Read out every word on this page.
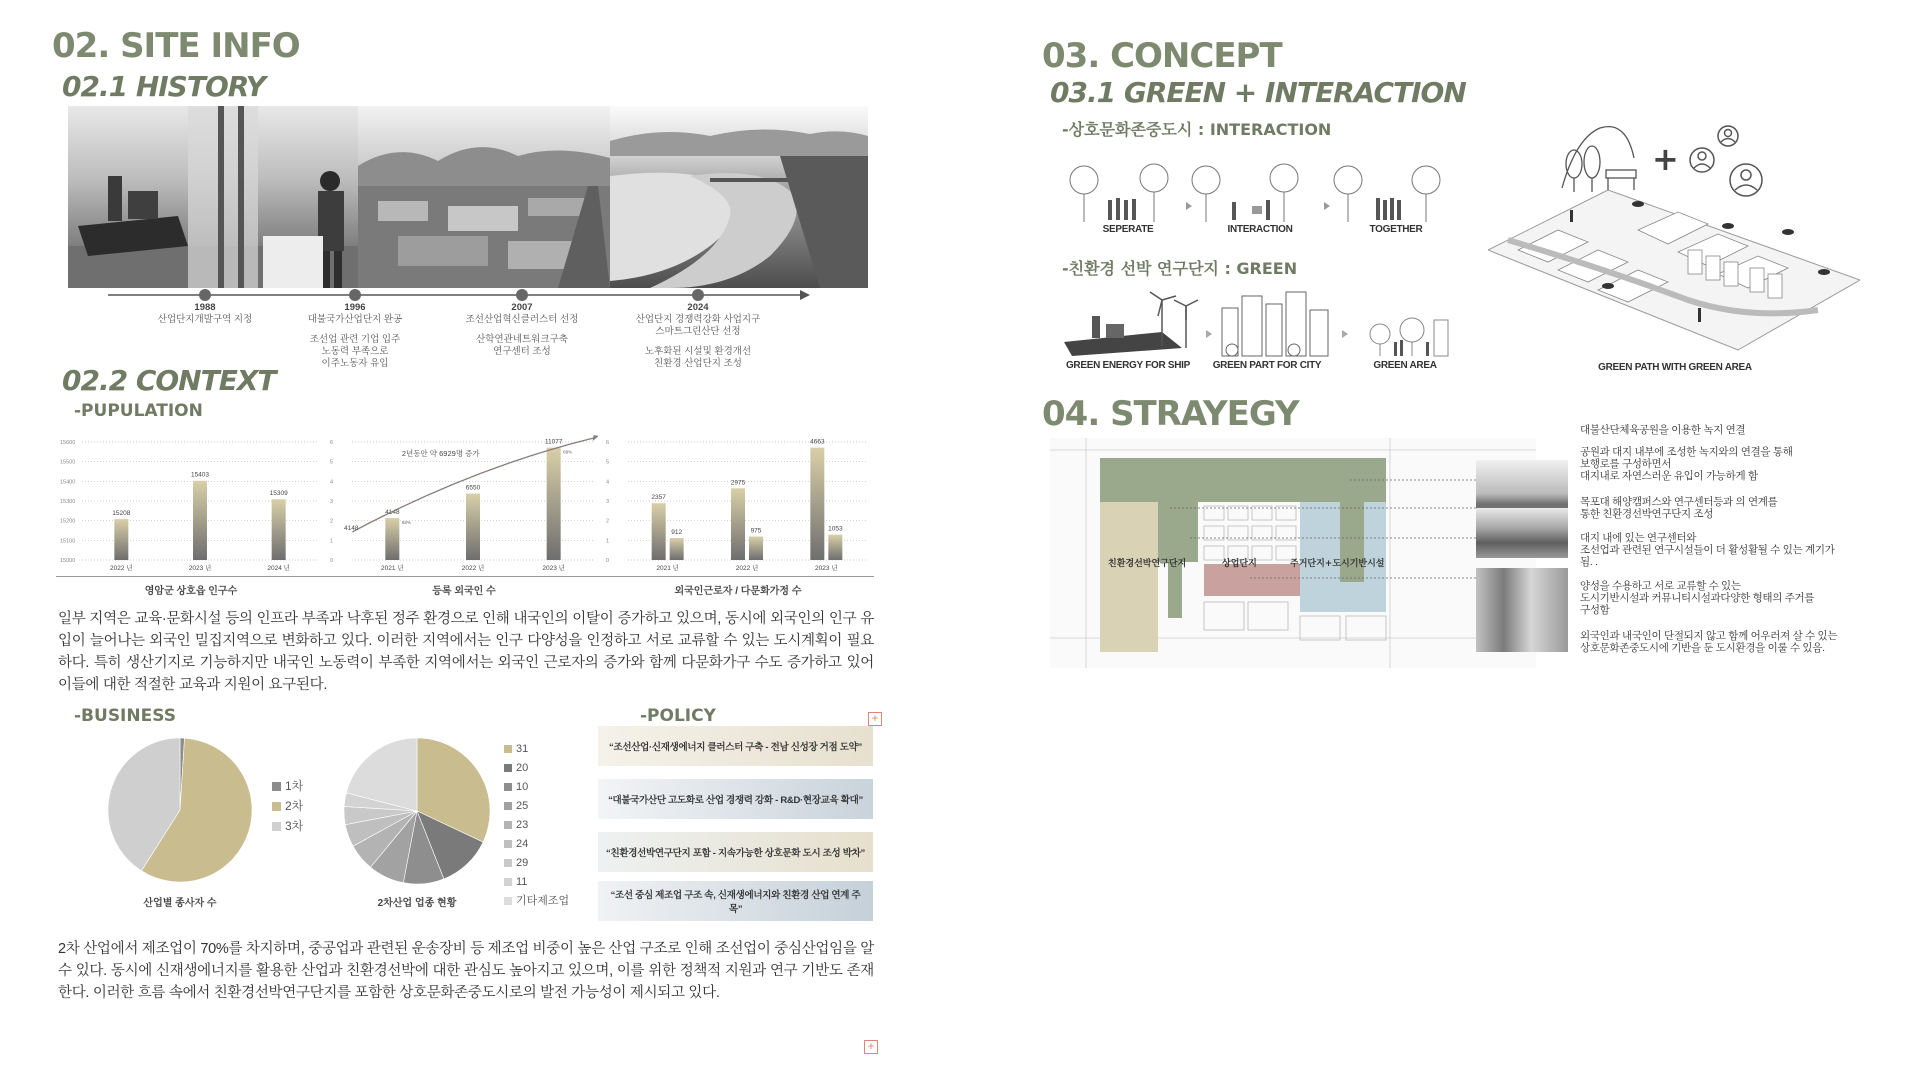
02. SITE INFO
02.1 HISTORY
1988
산업단지개발구역 지정
1996
대불국가산업단지 완공
조선업 관련 기업 입주
노동력 부족으로
이주노동자 유입
2007
조선산업혁신클러스터 선정
산학연관네트워크구축
연구센터 조성
2024
산업단지 경쟁력강화 사업지구
스마트그린산단 선정
노후화된 시설및 환경개선
친환경 산업단지 조성
02.2 CONTEXT
-PUPULATION
15600
15500
15400
15300
15200
15100
15000
2022 년
15208
2023 년
15403
2024 년
15309
6
5
4
3
2
1
0
2021 년
4148
58%
2022 년
6550
2023 년
11077
69%
2년동안 약 6929명 증가
4148
6
5
4
3
2
1
0
2021 년
2357
912
2022 년
2975
975
2023 년
4663
1053
영암군 상호읍 인구수	등록 외국인 수	외국인근로자 / 다문화가정 수
일부 지역은 교육·문화시설 등의 인프라 부족과 낙후된 정주 환경으로 인해 내국인의 이탈이 증가하고 있으며, 동시에 외국인의 인구 유입이 늘어나는 외국인 밀집지역으로 변화하고 있다. 이러한 지역에서는 인구 다양성을 인정하고 서로 교류할 수 있는 도시계획이 필요하다. 특히 생산기지로 기능하지만 내국인 노동력이 부족한 지역에서는 외국인 근로자의 증가와 함께 다문화가구 수도 증가하고 있어 이들에 대한 적절한 교육과 지원이 요구된다.
-BUSINESS	-POLICY	+
1차
2차
3차
산업별 종사자 수
31
20
10
25
23
24
29
11
기타제조업
2차산업 업종 현황
“조선산업·신재생에너지 클러스터 구축 - 전남 신성장 거점 도약”
“대불국가산단 고도화로 산업 경쟁력 강화 - R&D·현장교육 확대”
“친환경선박연구단지 포함 - 지속가능한 상호문화 도시 조성 박차”
“조선 중심 제조업 구조 속, 신재생에너지와 친환경 산업 연계 주목”
2차 산업에서 제조업이 70%를 차지하며, 중공업과 관련된 운송장비 등 제조업 비중이 높은 산업 구조로 인해 조선업이 중심산업임을 알 수 있다. 동시에 신재생에너지를 활용한 산업과 친환경선박에 대한 관심도 높아지고 있으며, 이를 위한 정책적 지원과 연구 기반도 존재한다. 이러한 흐름 속에서 친환경선박연구단지를 포함한 상호문화존중도시로의 발전 가능성이 제시되고 있다.
+
03. CONCEPT
03.1 GREEN + INTERACTION
-상호문화존중도시 : INTERACTION
SEPERATE	INTERACTION	TOGETHER
-친환경 선박 연구단지 : GREEN
GREEN ENERGY FOR SHIP	GREEN PART FOR CITY	GREEN AREA
+
GREEN PATH WITH GREEN AREA
04. STRAYEGY
친환경선박연구단지	상업단지	주거단지+도시기반시설
대불산단체육공원을 이용한 녹지 연결
공원과 대지 내부에 조성한 녹지와의 연결을 통해
보행로를 구성하면서
대지내로 자연스러운 유입이 가능하게 함
목포대 해양캠퍼스와 연구센터등과 의 연계를
통한 친환경선박연구단지 조성
대지 내에 있는 연구센터와
조선업과 관련된 연구시설들이 더 활성활될 수 있는 계기가
됨. .
양성을 수용하고 서로 교류할 수 있는
도시기반시설과 커뮤니티시설과다양한 형태의 주거를
구성함
외국인과 내국인이 단절되지 않고 함께 어우러져 살 수 있는
상호문화존중도시에 기반을 둔 도시환경을 이룰 수 있음.
